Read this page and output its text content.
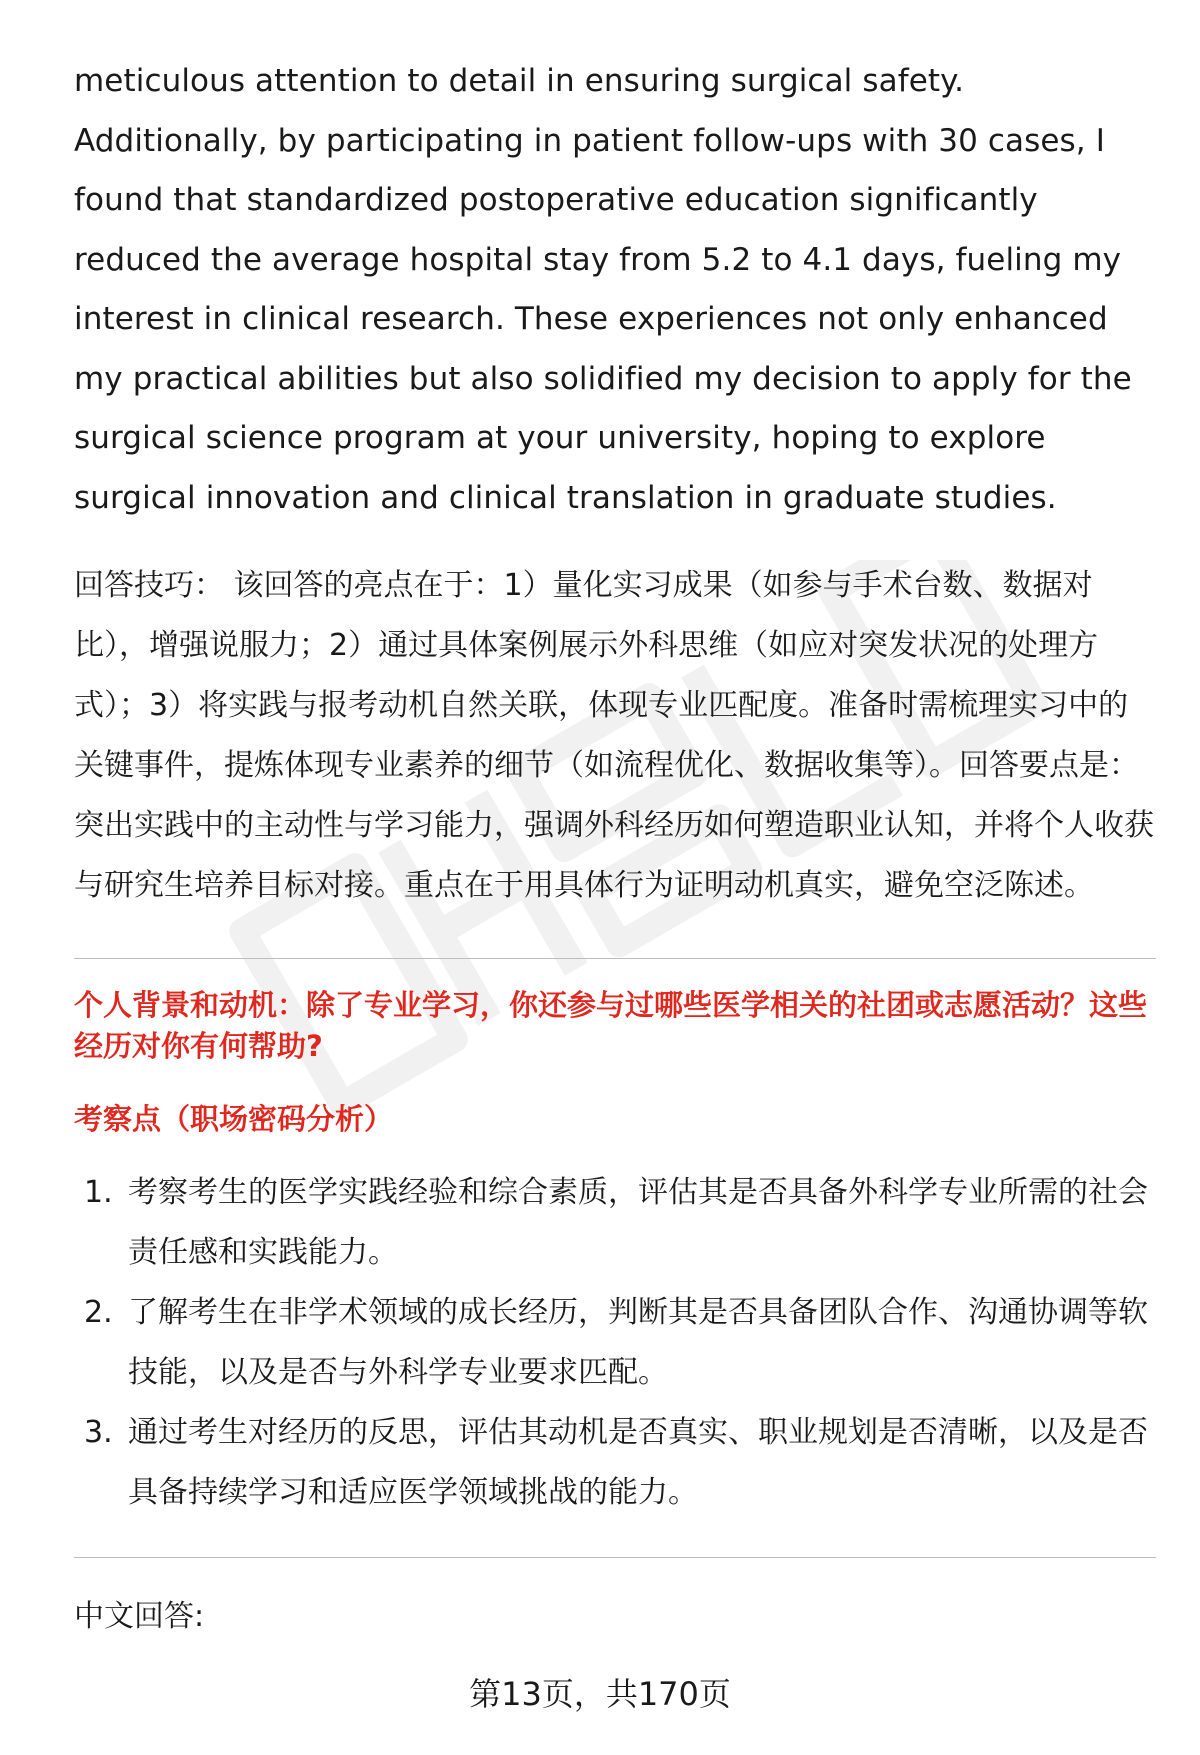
meticulous attention to detail in ensuring surgical safety. Additionally, by participating in patient follow-ups with 30 cases, I found that standardized postoperative education significantly reduced the average hospital stay from 5.2 to 4.1 days, fueling my interest in clinical research. These experiences not only enhanced my practical abilities but also solidified my decision to apply for the surgical science program at your university, hoping to explore surgical innovation and clinical translation in graduate studies.

回答技巧： 该回答的亮点在于：1）量化实习成果（如参与手术台数、数据对比），增强说服力；2）通过具体案例展示外科思维（如应对突发状况的处理方式）；3）将实践与报考动机自然关联，体现专业匹配度。准备时需梳理实习中的关键事件，提炼体现专业素养的细节（如流程优化、数据收集等）。回答要点是：突出实践中的主动性与学习能力，强调外科经历如何塑造职业认知，并将个人收获与研究生培养目标对接。重点在于用具体行为证明动机真实，避免空泛陈述。

个人背景和动机：除了专业学习，你还参与过哪些医学相关的社团或志愿活动？这些经历对你有何帮助?
考察点（职场密码分析）
1. 考察考生的医学实践经验和综合素质，评估其是否具备外科学专业所需的社会责任感和实践能力。
2. 了解考生在非学术领域的成长经历，判断其是否具备团队合作、沟通协调等软技能，以及是否与外科学专业要求匹配。
3. 通过考生对经历的反思，评估其动机是否真实、职业规划是否清晰，以及是否具备持续学习和适应医学领域挑战的能力。

中文回答:

第13页，共170页
